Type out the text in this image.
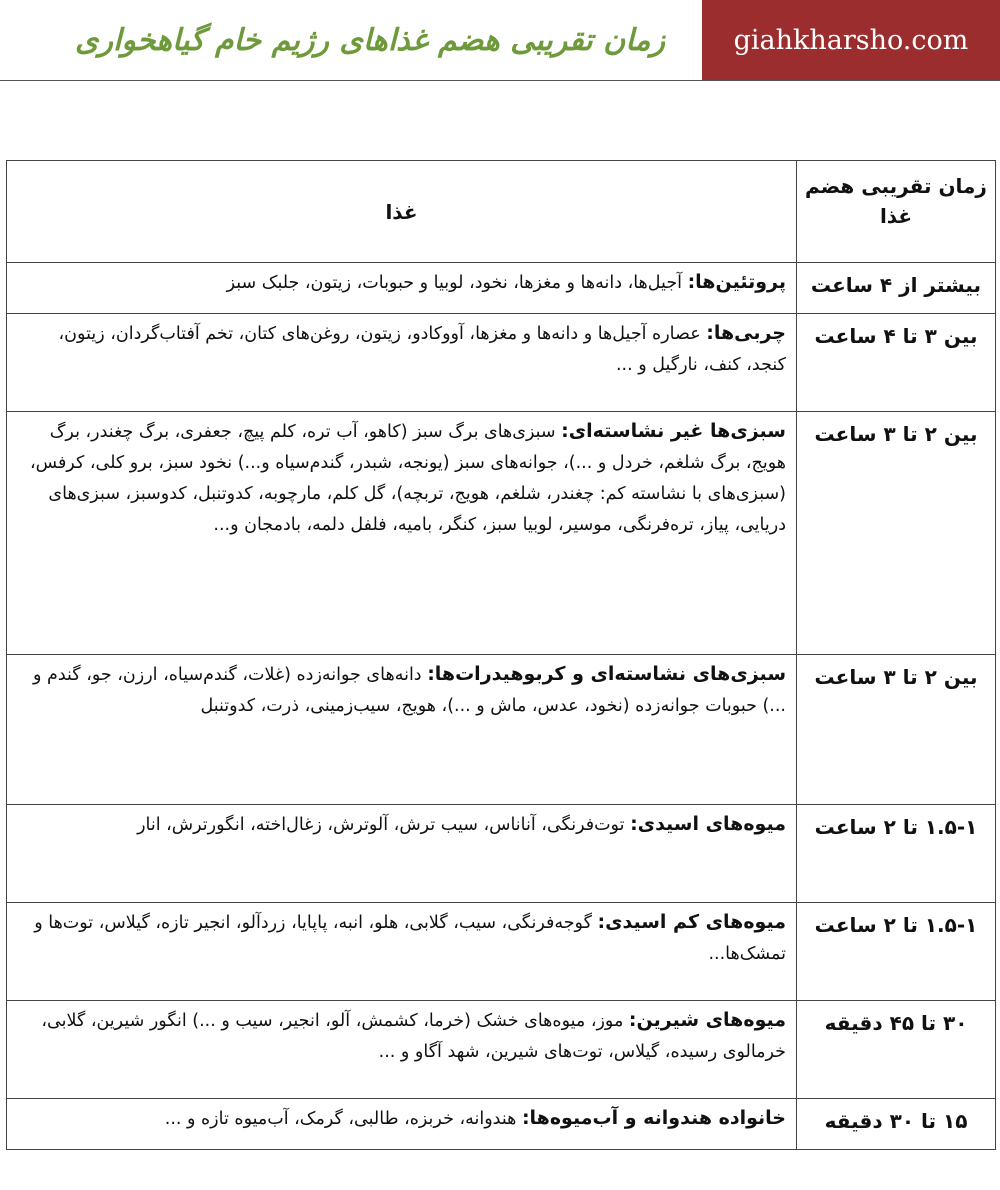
زمان تقریبی هضم غذاهای رژیم خام گیاهخواری	giahkharsho.com
زمان تقریبی هضم غذا	غذا
بیشتر از ۴ ساعت	پروتئین‌ها: آجیل‌ها، دانه‌ها و مغزها، نخود، لوبیا و حبوبات، زیتون، جلبک سبز
بین ۳ تا ۴ ساعت	چربی‌ها: عصاره آجیل‌ها و دانه‌ها و مغزها، آووکادو، زیتون، روغن‌های کتان، تخم آفتاب‌گردان، زیتون، کنجد، کنف، نارگیل و ...
بین ۲ تا ۳ ساعت	سبزی‌ها غیر نشاسته‌ای: سبزی‌های برگ سبز (کاهو، آب تره، کلم پیچ، جعفری، برگ چغندر، برگ هویج، برگ شلغم، خردل و ...)، جوانه‌های سبز (یونجه، شبدر، گندم‌سیاه و...) نخود سبز، برو کلی، کرفس، (سبزی‌های با نشاسته کم: چغندر، شلغم، هویج، تربچه)، گل کلم، مارچوبه، کدوتنبل، کدوسبز، سبزی‌های دریایی، پیاز، تره‌فرنگی، موسیر، لوبیا سبز، کنگر، بامیه، فلفل دلمه، بادمجان و...
بین ۲ تا ۳ ساعت	سبزی‌های نشاسته‌ای و کربوهیدرات‌ها: دانه‌های جوانه‌زده (غلات، گندم‌سیاه، ارزن، جو، گندم و ...) حبوبات جوانه‌زده (نخود، عدس، ماش و ...)، هویج، سیب‌زمینی، ذرت، کدوتنبل
۱.۵-۱ تا ۲ ساعت	میوه‌های اسیدی: توت‌فرنگی، آناناس، سیب ترش، آلوترش، زغال‌اخته، انگورترش، انار
۱.۵-۱ تا ۲ ساعت	میوه‌های کم اسیدی: گوجه‌فرنگی، سیب، گلابی، هلو، انبه، پاپایا، زردآلو، انجیر تازه، گیلاس، توت‌ها و تمشک‌ها...
۳۰ تا ۴۵ دقیقه	میوه‌های شیرین: موز، میوه‌های خشک (خرما، کشمش، آلو، انجیر، سیب و ...) انگور شیرین، گلابی، خرمالوی رسیده، گیلاس، توت‌های شیرین، شهد آگاو و ...
۱۵ تا ۳۰ دقیقه	خانواده هندوانه و آب‌میوه‌ها: هندوانه، خربزه، طالبی، گرمک، آب‌میوه تازه و ...
